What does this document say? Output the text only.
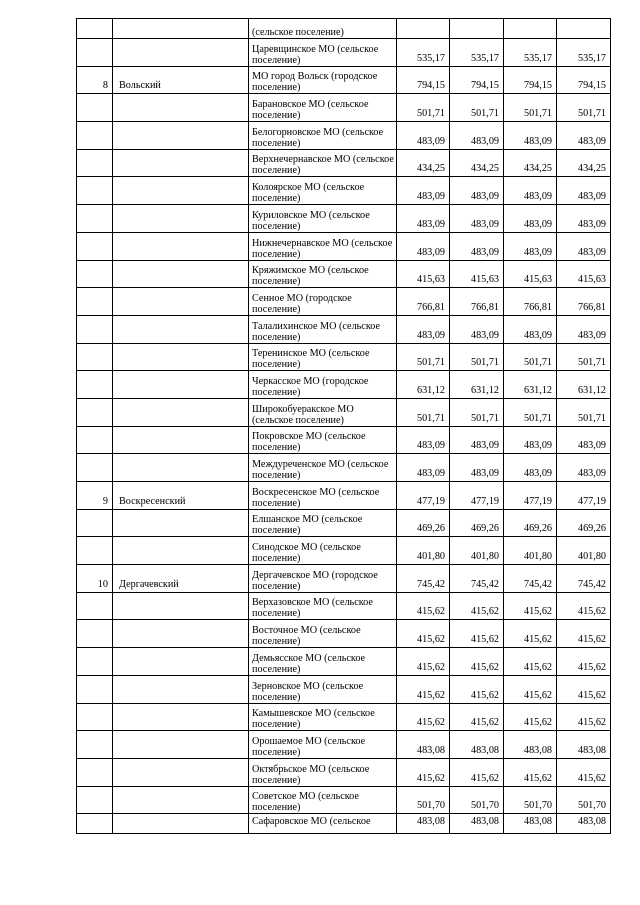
		(сельское поселение)				
		Царевщинское МО (сельское поселение)	535,17	535,17	535,17	535,17
8	Вольский	МО город Вольск (городское поселение)	794,15	794,15	794,15	794,15
		Барановское МО (сельское поселение)	501,71	501,71	501,71	501,71
		Белогорновское МО (сельское поселение)	483,09	483,09	483,09	483,09
		Верхнечернавское МО (сельское поселение)	434,25	434,25	434,25	434,25
		Колоярское МО (сельское поселение)	483,09	483,09	483,09	483,09
		Куриловское МО (сельское поселение)	483,09	483,09	483,09	483,09
		Нижнечернавское МО (сельское поселение)	483,09	483,09	483,09	483,09
		Кряжимское МО (сельское поселение)	415,63	415,63	415,63	415,63
		Сенное МО (городское поселение)	766,81	766,81	766,81	766,81
		Талалихинское МО (сельское поселение)	483,09	483,09	483,09	483,09
		Теренинское МО (сельское поселение)	501,71	501,71	501,71	501,71
		Черкасское МО (городское поселение)	631,12	631,12	631,12	631,12
		Широкобуеракское МО (сельское поселение)	501,71	501,71	501,71	501,71
		Покровское МО (сельское поселение)	483,09	483,09	483,09	483,09
		Междуреченское МО (сельское поселение)	483,09	483,09	483,09	483,09
9	Воскресенский	Воскресенское МО (сельское поселение)	477,19	477,19	477,19	477,19
		Елшанское МО (сельское поселение)	469,26	469,26	469,26	469,26
		Синодское МО (сельское поселение)	401,80	401,80	401,80	401,80
10	Дергачевский	Дергачевское МО (городское поселение)	745,42	745,42	745,42	745,42
		Верхазовское МО (сельское поселение)	415,62	415,62	415,62	415,62
		Восточное МО (сельское поселение)	415,62	415,62	415,62	415,62
		Демьясское МО (сельское поселение)	415,62	415,62	415,62	415,62
		Зерновское МО (сельское поселение)	415,62	415,62	415,62	415,62
		Камышевское МО (сельское поселение)	415,62	415,62	415,62	415,62
		Орошаемое МО (сельское поселение)	483,08	483,08	483,08	483,08
		Октябрьское МО (сельское поселение)	415,62	415,62	415,62	415,62
		Советское МО (сельское поселение)	501,70	501,70	501,70	501,70
		Сафаровское МО (сельское	483,08	483,08	483,08	483,08
